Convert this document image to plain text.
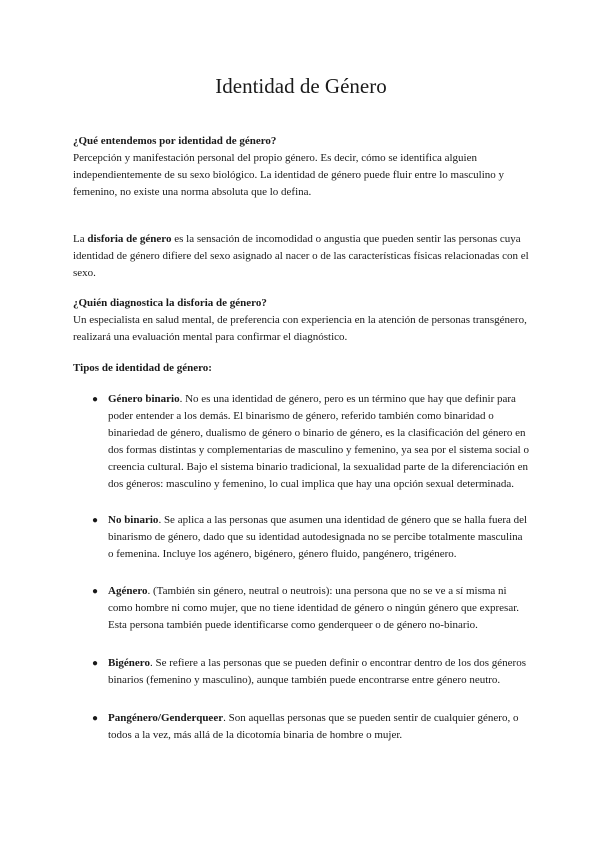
Identidad de Género

¿Qué entendemos por identidad de género?

Percepción y manifestación personal del propio género. Es decir, cómo se identifica alguien independientemente de su sexo biológico. La identidad de género puede fluir entre lo masculino y femenino, no existe una norma absoluta que lo defina.

La disforia de género es la sensación de incomodidad o angustia que pueden sentir las personas cuya identidad de género difiere del sexo asignado al nacer o de las características físicas relacionadas con el sexo.

¿Quién diagnostica la disforia de género?

Un especialista en salud mental, de preferencia con experiencia en la atención de personas transgénero, realizará una evaluación mental para confirmar el diagnóstico.

Tipos de identidad de género:

● Género binario. No es una identidad de género, pero es un término que hay que definir para poder entender a los demás. El binarismo de género, referido también como binaridad o binariedad de género, dualismo de género o binario de género, es la clasificación del género en dos formas distintas y complementarias de masculino y femenino, ya sea por el sistema social o creencia cultural. Bajo el sistema binario tradicional, la sexualidad parte de la diferenciación en dos géneros: masculino y femenino, lo cual implica que hay una opción sexual determinada.
● No binario. Se aplica a las personas que asumen una identidad de género que se halla fuera del binarismo de género, dado que su identidad autodesignada no se percibe totalmente masculina o femenina. Incluye los agénero, bigénero, género fluido, pangénero, trigénero.
● Agénero. (También sin género, neutral o neutrois): una persona que no se ve a sí misma ni como hombre ni como mujer, que no tiene identidad de género o ningún género que expresar. Esta persona también puede identificarse como genderqueer o de género no-binario.
● Bigénero. Se refiere a las personas que se pueden definir o encontrar dentro de los dos géneros binarios (femenino y masculino), aunque también puede encontrarse entre género neutro.
● Pangénero/Genderqueer. Son aquellas personas que se pueden sentir de cualquier género, o todos a la vez, más allá de la dicotomía binaria de hombre o mujer.
